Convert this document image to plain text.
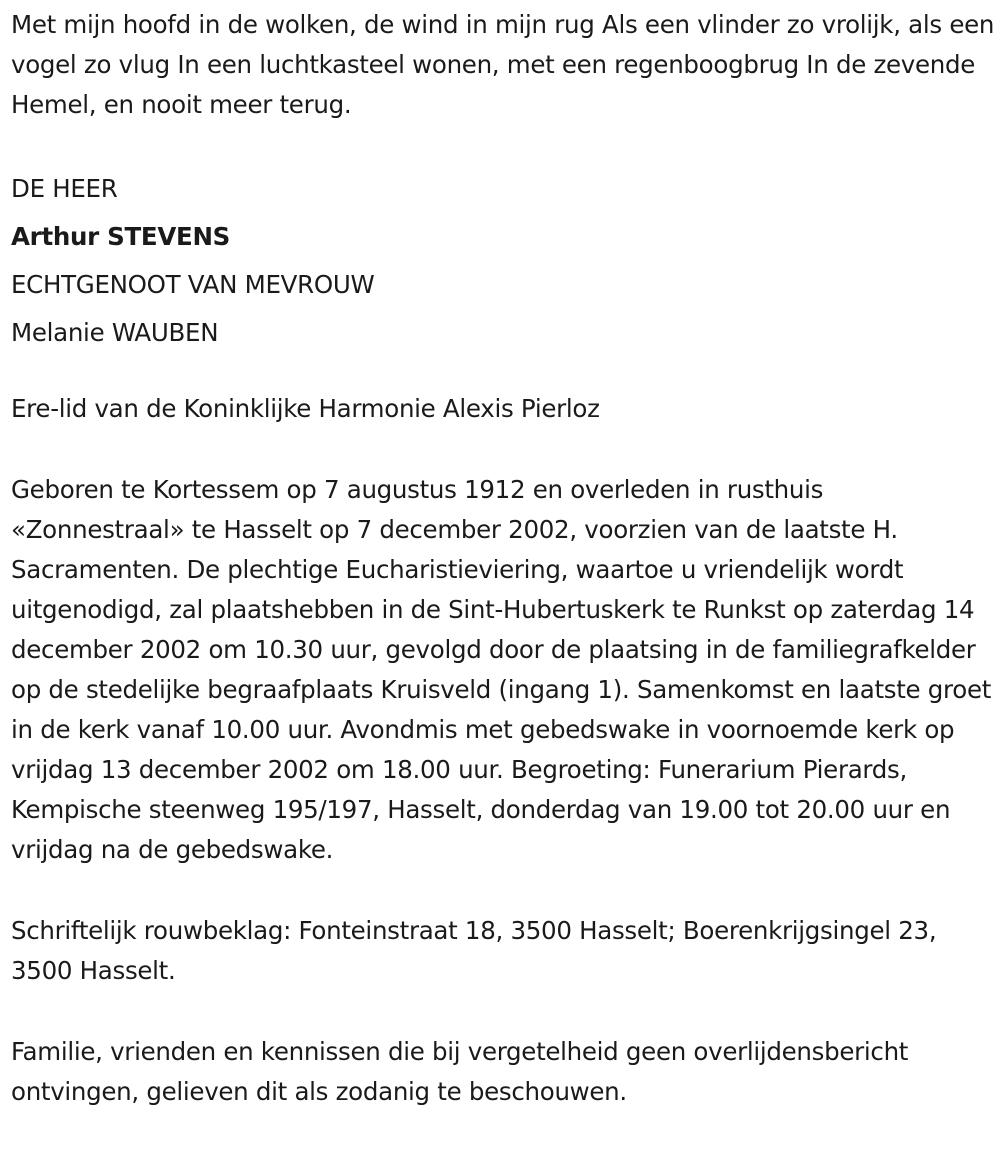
Met mijn hoofd in de wolken, de wind in mijn rug Als een vlinder zo vrolijk, als een vogel zo vlug In een luchtkasteel wonen, met een regenboogbrug In de zevende Hemel, en nooit meer terug.

DE HEER
Arthur STEVENS
ECHTGENOOT VAN MEVROUW
Melanie WAUBEN

Ere-lid van de Koninklijke Harmonie Alexis Pierloz

Geboren te Kortessem op 7 augustus 1912 en overleden in rusthuis «Zonnestraal» te Hasselt op 7 december 2002, voorzien van de laatste H. Sacramenten. De plechtige Eucharistieviering, waartoe u vriendelijk wordt uitgenodigd, zal plaatshebben in de Sint-Hubertuskerk te Runkst op zaterdag 14 december 2002 om 10.30 uur, gevolgd door de plaatsing in de familiegrafkelder op de stedelijke begraafplaats Kruisveld (ingang 1). Samenkomst en laatste groet in de kerk vanaf 10.00 uur. Avondmis met gebedswake in voornoemde kerk op vrijdag 13 december 2002 om 18.00 uur. Begroeting: Funerarium Pierards, Kempische steenweg 195/197, Hasselt, donderdag van 19.00 tot 20.00 uur en vrijdag na de gebedswake.

Schriftelijk rouwbeklag: Fonteinstraat 18, 3500 Hasselt; Boerenkrijgsingel 23, 3500 Hasselt.

Familie, vrienden en kennissen die bij vergetelheid geen overlijdensbericht ontvingen, gelieven dit als zodanig te beschouwen.
